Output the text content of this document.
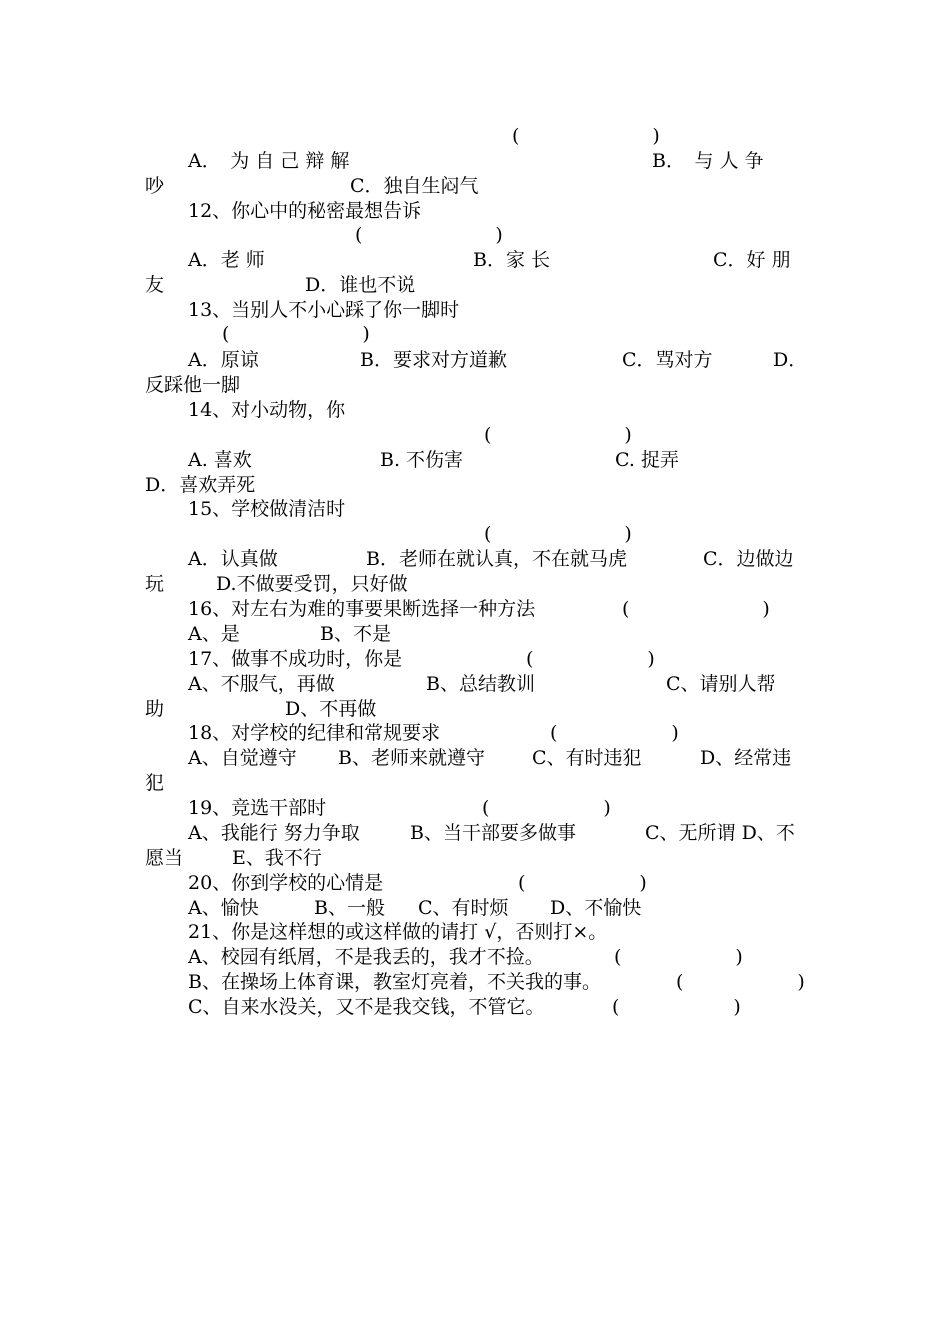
(　　　　　　　)
A．　为 自 己 辩 解	B．　与 人 争
吵	C．独自生闷气
12、你心中的秘密最想告诉
(　　　　　　　)
A．老 师	B．家 长	C．好 朋
友	D．谁也不说
13、当别人不小心踩了你一脚时
(　　　　　　　)
A．原谅	B．要求对方道歉	C．骂对方	D．
反踩他一脚
14、对小动物，你
(　　　　　　　)
A. 喜欢	B. 不伤害	C. 捉弄
D．喜欢弄死
15、学校做清洁时
(　　　　　　　)
A．认真做	B．老师在就认真，不在就马虎	C．边做边
玩	D.不做要受罚，只好做
16、对左右为难的事要果断选择一种方法	(　　　　　　　)
A、是	B、不是
17、做事不成功时，你是	(　　　　　　)
A、不服气，再做	B、总结教训	C、请别人帮
助	D、不再做
18、对学校的纪律和常规要求	(　　　　　　)
A、自觉遵守 B、老师来就遵守 C、有时违犯	D、经常违
犯
19、竞选干部时	(　　　　　　)
A、我能行 努力争取	B、当干部要多做事	C、无所谓 D、不
愿当	E、我不行
20、你到学校的心情是	(　　　　　　)
A、愉快	B、一般 C、有时烦 D、不愉快
21、你是这样想的或这样做的请打 √，否则打×。
A、校园有纸屑，不是我丢的，我才不捡。	(　　　　　　)
B、在操场上体育课，教室灯亮着，不关我的事。	(　　　　　　)
C、自来水没关，又不是我交钱，不管它。	(　　　　　　)
